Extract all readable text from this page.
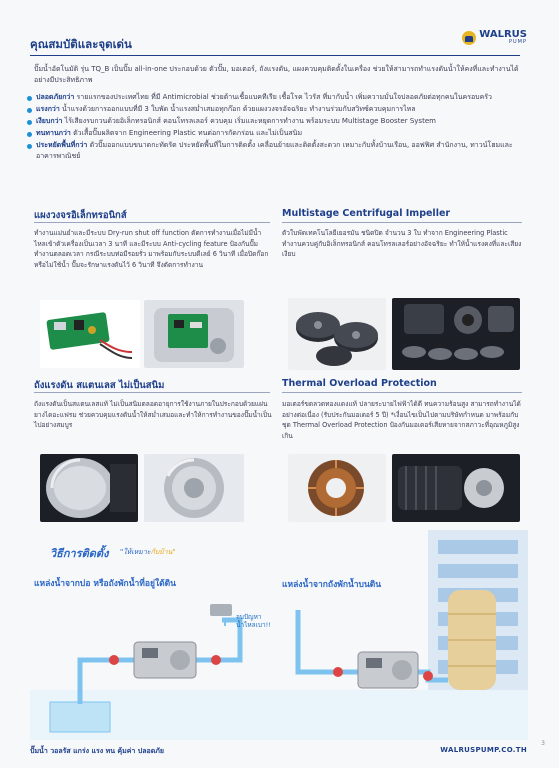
คุณสมบัติและจุดเด่น
WALRUS
PUMP
ปั๊มน้ำอัตโนมัติ รุ่น TQ_B เป็นปั๊ม all-in-one ประกอบด้วย ตัวปั๊ม, มอเตอร์, ถังแรงดัน, แผงควบคุมติดตั้งในเครื่อง ช่วยให้สามารถทำแรงดันน้ำให้คงที่และทำงานได้อย่างมีประสิทธิภาพ
ปลอดภัยกว่า รายแรกของประเทศไทย ที่มี Antimicrobial ช่วยต้านเชื้อแบคทีเรีย เชื้อโรค ไวรัส ที่มากับน้ำ เพิ่มความมั่นใจปลอดภัยต่อทุกคนในครอบครัว
แรงกว่า น้ำแรงด้วยการออกแบบที่มี 3 ใบพัด น้ำแรงสม่ำเสมอทุกก๊อก ด้วยแผงวงจรอัจฉริยะ ทำงานร่วมกับสวิทซ์ควบคุมการไหล
เงียบกว่า ไร้เสียงรบกวนด้วยอิเล็กทรอนิกส์ คอนโทรลเลอร์ ควบคุม เริ่มและหยุดการทำงาน พร้อมระบบ Multistage Booster System
ทนทานกว่า ตัวเสื้อปั๊มผลิตจาก Engineering Plastic ทนต่อการกัดกร่อน และไม่เป็นสนิม
ประหยัดพื้นที่กว่า ตัวปั๊มออกแบบขนาดกะทัดรัด ประหยัดพื้นที่ในการติดตั้ง เคลื่อนย้ายและติดตั้งสะดวก เหมาะกับทั้งบ้านเรือน, ออฟฟิศ สำนักงาน, ทาวน์โฮมและอาคารพาณิชย์
แผงวงจรอิเล็กทรอนิกส์
ทำงานแม่นยำและมีระบบ Dry-run shut off function ตัดการทำงานเมื่อไม่มีน้ำไหลเข้าตัวเครื่องเป็นเวลา 3 นาที และมีระบบ Anti-cycling feature ป้องกันปั๊มทำงานตลอดเวลา กรณีระบบท่อมีรอยรั่ว มาพร้อมกับระบบดีเลย์ 6 วินาที เมื่อปิดก๊อกหรือไม่ใช้น้ำ ปั๊มจะรักษาแรงดันไว้ 6 วินาที จึงตัดการทำงาน
Multistage Centrifugal Impeller
ตัวใบพัดเทคโนโลยีเยอรมัน ชนิดปิด จำนวน 3 ใบ ทำจาก Engineering Plastic ทำงานควบคู่กับอิเล็กทรอนิกส์ คอนโทรลเลอร์อย่างอัจฉริยะ ทำให้น้ำแรงคงที่และเสียงเงียบ
ถังแรงดัน สแตนเลส ไม่เป็นสนิม
ถังแรงดันเป็นสแตนเลสแท้ ไม่เป็นสนิมตลอดอายุการใช้งานภายในประกอบด้วยแผ่นยางไดอะแฟรม ช่วยควบคุมแรงดันน้ำให้สม่ำเสมอและทำให้การทำงานของปั๊มน้ำเป็นไปอย่างสมบูร
Thermal Overload Protection
มอเตอร์ขดลวดทองแดงแท้ ปลายระบายไฟฟ้าได้ดี ทนความร้อนสูง สามารถทำงานได้อย่างต่อเนื่อง (รับประกันมอเตอร์ 5 ปี) *เงื่อนไขเป็นไปตามบริษัทกำหนด มาพร้อมกับชุด Thermal Overload Protection ป้องกันมอเตอร์เสียหายจากสภาวะที่อุณหภูมิสูงเกิน
วิธีการติดตั้ง "ให้เหมาะกับบ้าน"
แหล่งน้ำจากบ่อ หรือถังพักน้ำที่อยู่ใต้ดิน	แหล่งน้ำจากถังพักน้ำบนดิน
จบปัญหา
น้ำไหลเบา!!
ปั๊มน้ำ วอลรัส แกร่ง แรง ทน คุ้มค่า ปลอดภัย	WALRUSPUMP.CO.TH
3
